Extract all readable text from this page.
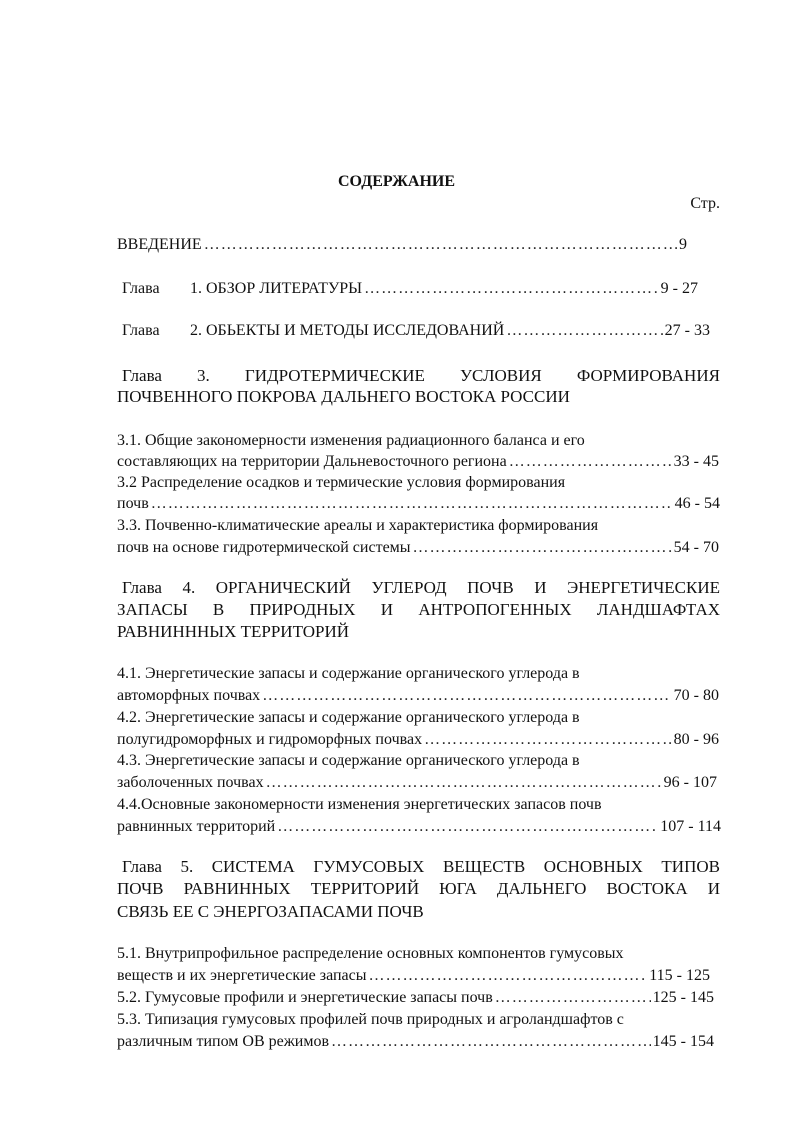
СОДЕРЖАНИЕ
Стр.
ВВЕДЕНИЕ …………………………………………………………………………………………………………………………………………………………………………………………………………………	9
Глава	1. ОБЗОР ЛИТЕРАТУРЫ …………………………………………………………………………………………………………………………………………………………………………………………………………………	9 - 27
Глава	2. ОБЬЕКТЫ И МЕТОДЫ ИССЛЕДОВАНИЙ …………………………………………………………………………………………………………………………………………………………………………………………………………………	27 - 33
Глава 3. ГИДРОТЕРМИЧЕСКИЕ УСЛОВИЯ ФОРМИРОВАНИЯ
ПОЧВЕННОГО ПОКРОВА ДАЛЬНЕГО ВОСТОКА РОССИИ
3.1. Общие закономерности изменения радиационного баланса и его
составляющих на территории Дальневосточного региона …………………………………………………………………………………………………………………………………………………………………………………………………………………	33 - 45
3.2 Распределение осадков и термические условия формирования
почв …………………………………………………………………………………………………………………………………………………………………………………………………………………	46 - 54
3.3. Почвенно-климатические ареалы и характеристика формирования
почв на основе гидротермической системы …………………………………………………………………………………………………………………………………………………………………………………………………………………	54 - 70
Глава 4. ОРГАНИЧЕСКИЙ УГЛЕРОД ПОЧВ И ЭНЕРГЕТИЧЕСКИЕ
ЗАПАСЫ В ПРИРОДНЫХ И АНТРОПОГЕННЫХ ЛАНДШАФТАХ
РАВНИНННЫХ ТЕРРИТОРИЙ
4.1. Энергетические запасы и содержание органического углерода в
автоморфных почвах …………………………………………………………………………………………………………………………………………………………………………………………………………………	70 - 80
4.2. Энергетические запасы и содержание органического углерода в
полугидроморфных и гидроморфных почвах …………………………………………………………………………………………………………………………………………………………………………………………………………………	80 - 96
4.3. Энергетические запасы и содержание органического углерода в
заболоченных почвах …………………………………………………………………………………………………………………………………………………………………………………………………………………	96 - 107
4.4.Основные закономерности изменения энергетических запасов почв
равнинных территорий …………………………………………………………………………………………………………………………………………………………………………………………………………………	107 - 114
Глава 5. СИСТЕМА ГУМУСОВЫХ ВЕЩЕСТВ ОСНОВНЫХ ТИПОВ
ПОЧВ РАВНИННЫХ ТЕРРИТОРИЙ ЮГА ДАЛЬНЕГО ВОСТОКА И
СВЯЗЬ ЕЕ С ЭНЕРГОЗАПАСАМИ ПОЧВ
5.1. Внутрипрофильное распределение основных компонентов гумусовых
веществ и их энергетические запасы …………………………………………………………………………………………………………………………………………………………………………………………………………………	115 - 125
5.2. Гумусовые профили и энергетические запасы почв …………………………………………………………………………………………………………………………………………………………………………………………………………………	125 - 145
5.3. Типизация гумусовых профилей почв природных и агроландшафтов с
различным типом ОВ режимов …………………………………………………………………………………………………………………………………………………………………………………………………………………	145 - 154
